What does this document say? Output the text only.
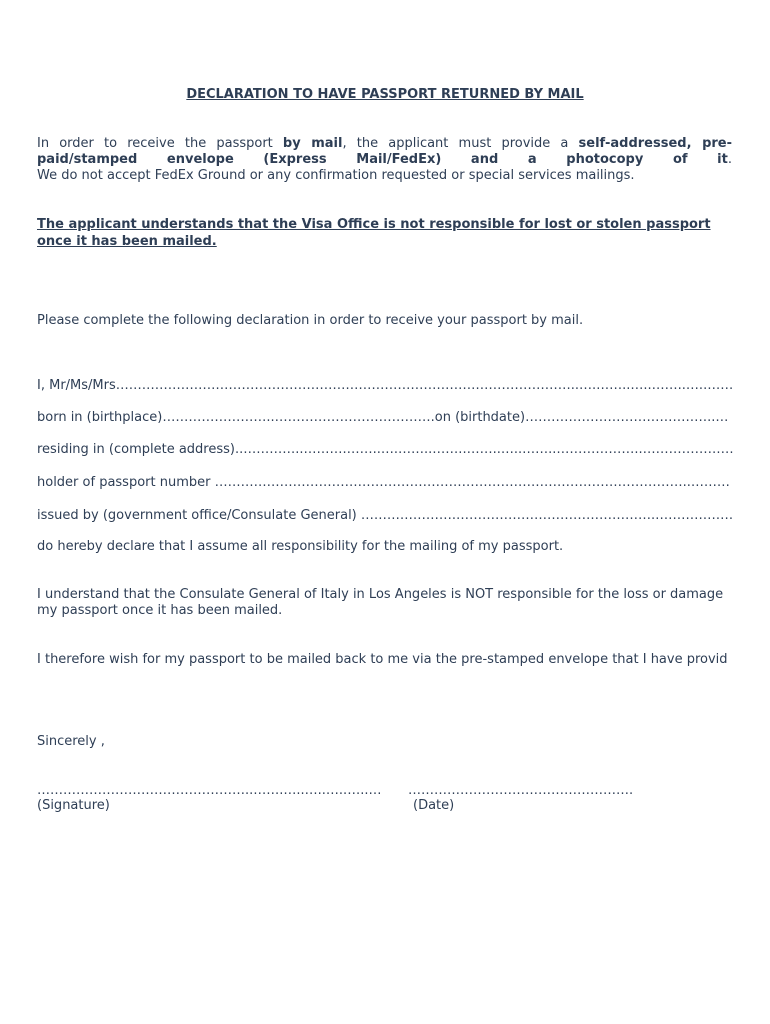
DECLARATION TO HAVE PASSPORT RETURNED BY MAIL
In order to receive the passport by mail, the applicant must provide a self-addressed, pre-
paid/stamped envelope (Express Mail/FedEx) and a photocopy of it.
We do not accept FedEx Ground or any confirmation requested or special services mailings.
The applicant understands that the Visa Office is not responsible for lost or stolen passport once it has been mailed.
Please complete the following declaration in order to receive your passport by mail.
I, Mr/Ms/Mrs……………………………………………………………………………………………..….……..…..……..…..……
born in (birthplace)……………………..……………………………….on (birthdate)……………………………………..…
residing in (complete address)..…………..……….……..….……..……..……..…..……..………………..…………………
holder of passport number ………………………………………………………………………………………………..………
issued by (government office/Consulate General) ………………….……………………………………….………………
do hereby declare that I assume all responsibility for the mailing of my passport.
I understand that the Consulate General of Italy in Los Angeles is NOT responsible for the loss or damage
my passport once it has been mailed.
I therefore wish for my passport to be mailed back to me via the pre-stamped envelope that I have provid
Sincerely ,
…………………………………………..…….…..…..…..…..… …………………………………………….
(Signature)	(Date)
